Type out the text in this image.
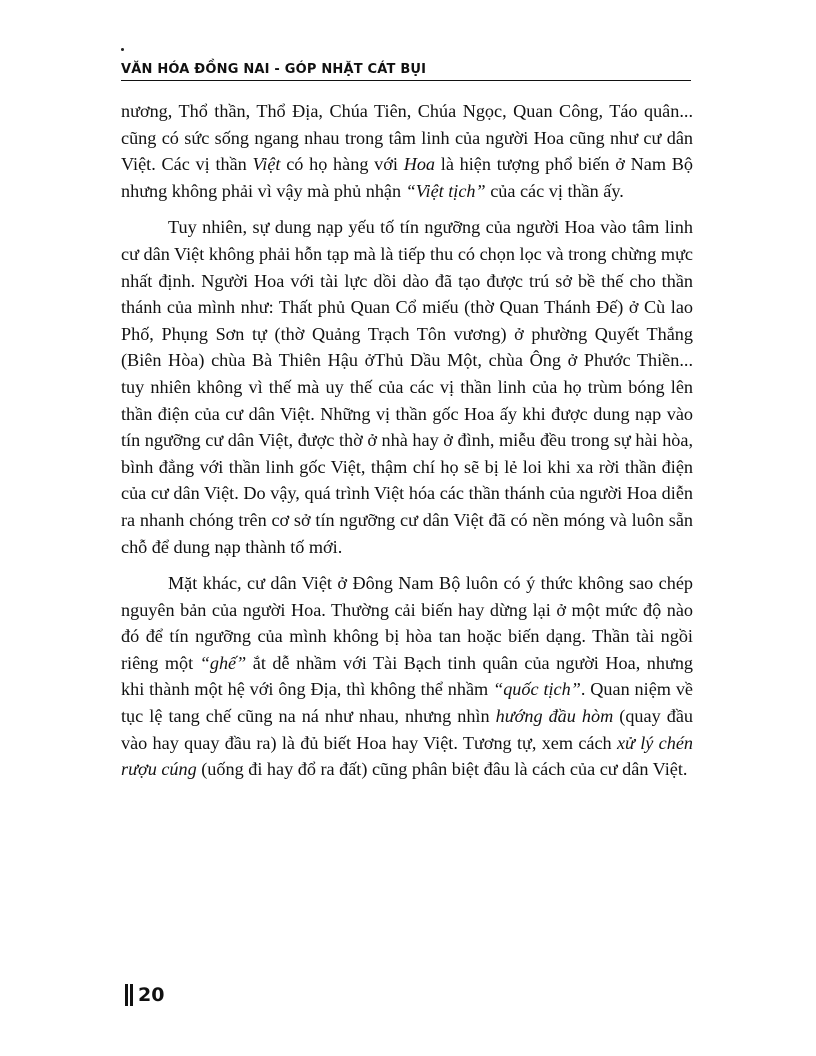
VĂN HÓA ĐỒNG NAI - GÓP NHẶT CÁT BỤI

nương, Thổ thần, Thổ Địa, Chúa Tiên, Chúa Ngọc, Quan Công, Táo quân... cũng có sức sống ngang nhau trong tâm linh của người Hoa cũng như cư dân Việt. Các vị thần Việt có họ hàng với Hoa là hiện tượng phổ biến ở Nam Bộ nhưng không phải vì vậy mà phủ nhận “Việt tịch” của các vị thần ấy.

Tuy nhiên, sự dung nạp yếu tố tín ngưỡng của người Hoa vào tâm linh cư dân Việt không phải hỗn tạp mà là tiếp thu có chọn lọc và trong chừng mực nhất định. Người Hoa với tài lực dồi dào đã tạo được trú sở bề thế cho thần thánh của mình như: Thất phủ Quan Cổ miếu (thờ Quan Thánh Đế) ở Cù lao Phố, Phụng Sơn tự (thờ Quảng Trạch Tôn vương) ở phường Quyết Thắng (Biên Hòa) chùa Bà Thiên Hậu ởThủ Dầu Một, chùa Ông ở Phước Thiền... tuy nhiên không vì thế mà uy thế của các vị thần linh của họ trùm bóng lên thần điện của cư dân Việt. Những vị thần gốc Hoa ấy khi được dung nạp vào tín ngưỡng cư dân Việt, được thờ ở nhà hay ở đình, miễu đều trong sự hài hòa, bình đẳng với thần linh gốc Việt, thậm chí họ sẽ bị lẻ loi khi xa rời thần điện của cư dân Việt. Do vậy, quá trình Việt hóa các thần thánh của người Hoa diễn ra nhanh chóng trên cơ sở tín ngưỡng cư dân Việt đã có nền móng và luôn sẵn chỗ để dung nạp thành tố mới.

Mặt khác, cư dân Việt ở Đông Nam Bộ luôn có ý thức không sao chép nguyên bản của người Hoa. Thường cải biến hay dừng lại ở một mức độ nào đó để tín ngưỡng của mình không bị hòa tan hoặc biến dạng. Thần tài ngồi riêng một “ghế” ắt dễ nhầm với Tài Bạch tinh quân của người Hoa, nhưng khi thành một hệ với ông Địa, thì không thể nhầm “quốc tịch”. Quan niệm về tục lệ tang chế cũng na ná như nhau, nhưng nhìn hướng đầu hòm (quay đầu vào hay quay đầu ra) là đủ biết Hoa hay Việt. Tương tự, xem cách xử lý chén rượu cúng (uống đi hay đổ ra đất) cũng phân biệt đâu là cách của cư dân Việt.

20
